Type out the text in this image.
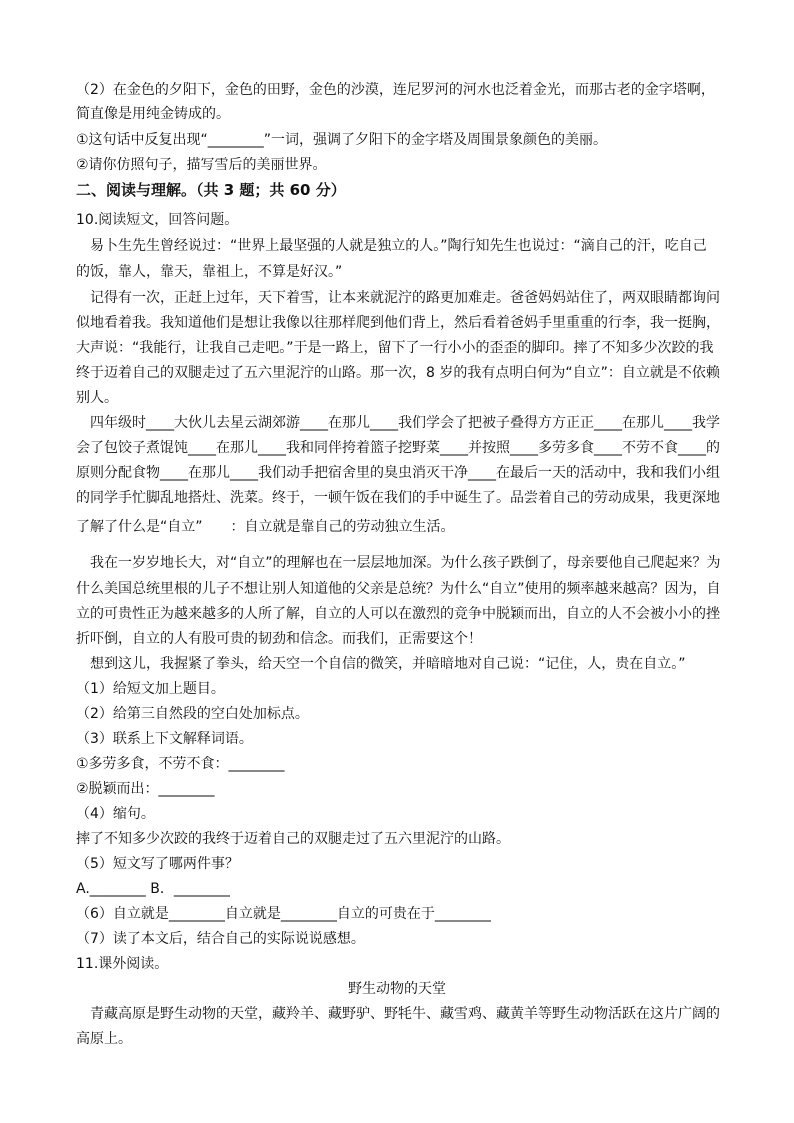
（2）在金色的夕阳下，金色的田野，金色的沙漠，连尼罗河的河水也泛着金光，而那古老的金字塔啊，
简直像是用纯金铸成的。
①这句话中反复出现“________”一词，强调了夕阳下的金字塔及周围景象颜色的美丽。
②请你仿照句子，描写雪后的美丽世界。
二、阅读与理解。（共 3 题；共 60 分）
10.阅读短文，回答问题。
易卜生先生曾经说过：“世界上最坚强的人就是独立的人。”陶行知先生也说过：“滴自己的汗，吃自己
的饭，靠人，靠天，靠祖上，不算是好汉。”
记得有一次，正赶上过年，天下着雪，让本来就泥泞的路更加难走。爸爸妈妈站住了，两双眼睛都询问
似地看着我。我知道他们是想让我像以往那样爬到他们背上，然后看着爸妈手里重重的行李，我一挺胸，
大声说：“我能行，让我自己走吧。”于是一路上，留下了一行小小的歪歪的脚印。摔了不知多少次跤的我
终于迈着自己的双腿走过了五六里泥泞的山路。那一次，8 岁的我有点明白何为“自立”：自立就是不依赖
别人。
四年级时____大伙儿去星云湖郊游____在那儿____我们学会了把被子叠得方方正正____在那儿____我学
会了包饺子煮馄饨____在那儿____我和同伴挎着篮子挖野菜____并按照____多劳多食____不劳不食____的
原则分配食物____在那儿____我们动手把宿舍里的臭虫消灭干净____在最后一天的活动中，我和我们小组
的同学手忙脚乱地搭灶、洗菜。终于，一顿午饭在我们的手中诞生了。品尝着自己的劳动成果，我更深地
了解了什么是“自立”　　：自立就是靠自己的劳动独立生活。
我在一岁岁地长大，对“自立”的理解也在一层层地加深。为什么孩子跌倒了，母亲要他自己爬起来？为
什么美国总统里根的儿子不想让别人知道他的父亲是总统？为什么“自立”使用的频率越来越高？因为，自
立的可贵性正为越来越多的人所了解，自立的人可以在激烈的竞争中脱颖而出，自立的人不会被小小的挫
折吓倒，自立的人有股可贵的韧劲和信念。而我们，正需要这个！
想到这儿，我握紧了拳头，给天空一个自信的微笑，并暗暗地对自己说：“记住，人，贵在自立。”
（1）给短文加上题目。
（2）给第三自然段的空白处加标点。
（3）联系上下文解释词语。
①多劳多食，不劳不食：________
②脱颖而出：________
（4）缩句。
摔了不知多少次跤的我终于迈着自己的双腿走过了五六里泥泞的山路。
（5）短文写了哪两件事？
A.________ B．________
（6）自立就是________自立就是________自立的可贵在于________
（7）读了本文后，结合自己的实际说说感想。
11.课外阅读。
野生动物的天堂
青藏高原是野生动物的天堂，藏羚羊、藏野驴、野牦牛、藏雪鸡、藏黄羊等野生动物活跃在这片广阔的
高原上。
